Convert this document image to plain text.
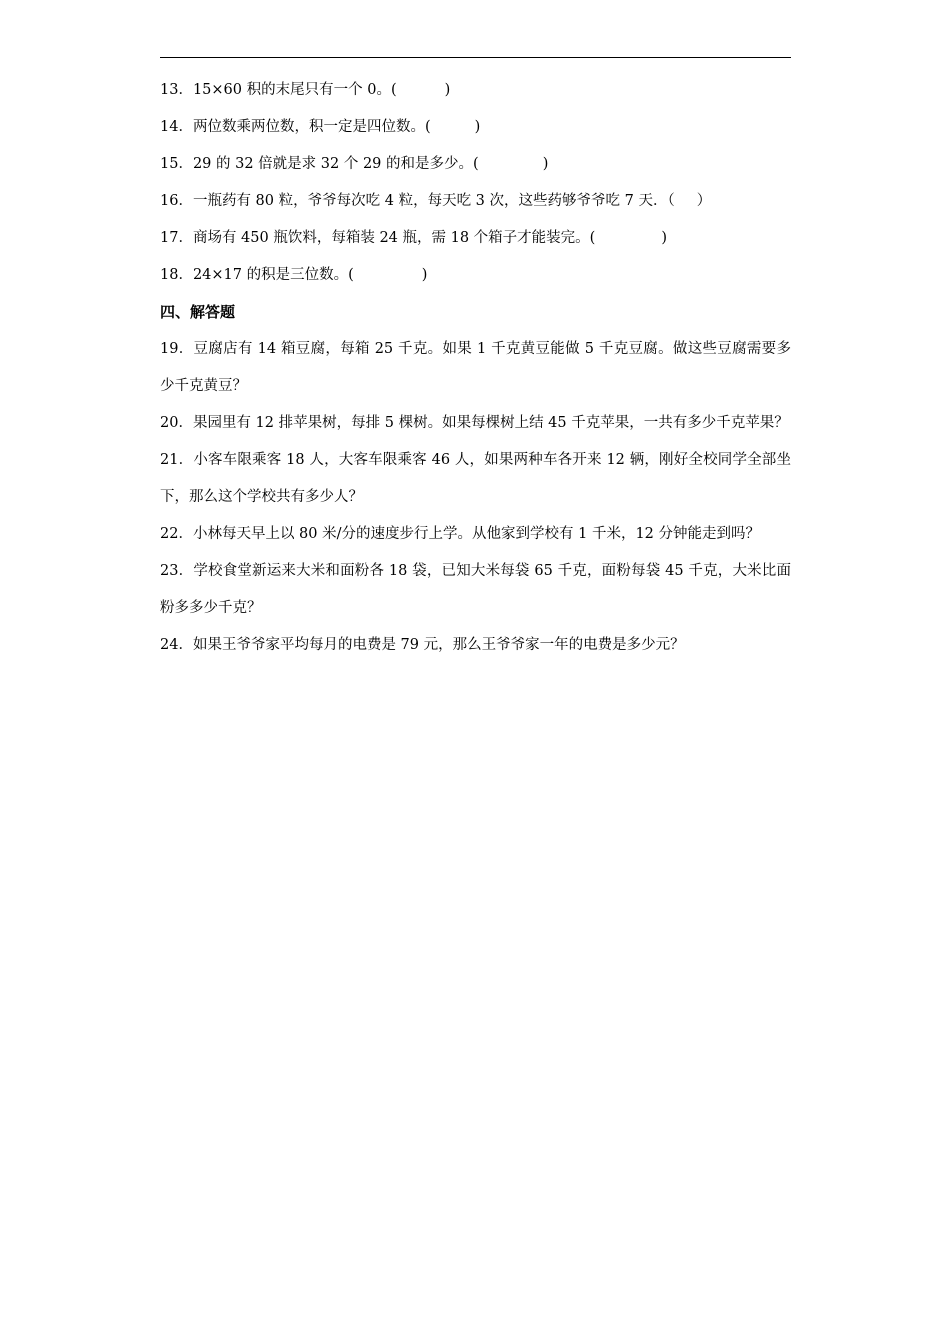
13．15×60 积的末尾只有一个 0。(	)
14．两位数乘两位数，积一定是四位数。(	)
15．29 的 32 倍就是求 32 个 29 的和是多少。(	)
16．一瓶药有 80 粒，爷爷每次吃 4 粒，每天吃 3 次，这些药够爷爷吃 7 天．（ ）
17．商场有 450 瓶饮料，每箱装 24 瓶，需 18 个箱子才能装完。(	)
18．24×17 的积是三位数。(	)
四、解答题
19．豆腐店有 14 箱豆腐，每箱 25 千克。如果 1 千克黄豆能做 5 千克豆腐。做这些豆腐需要多少千克黄豆？
20．果园里有 12 排苹果树，每排 5 棵树。如果每棵树上结 45 千克苹果，一共有多少千克苹果？
21．小客车限乘客 18 人，大客车限乘客 46 人，如果两种车各开来 12 辆，刚好全校同学全部坐下，那么这个学校共有多少人？
22．小林每天早上以 80 米/分的速度步行上学。从他家到学校有 1 千米，12 分钟能走到吗？
23．学校食堂新运来大米和面粉各 18 袋，已知大米每袋 65 千克，面粉每袋 45 千克，大米比面粉多多少千克？
24．如果王爷爷家平均每月的电费是 79 元，那么王爷爷家一年的电费是多少元？
